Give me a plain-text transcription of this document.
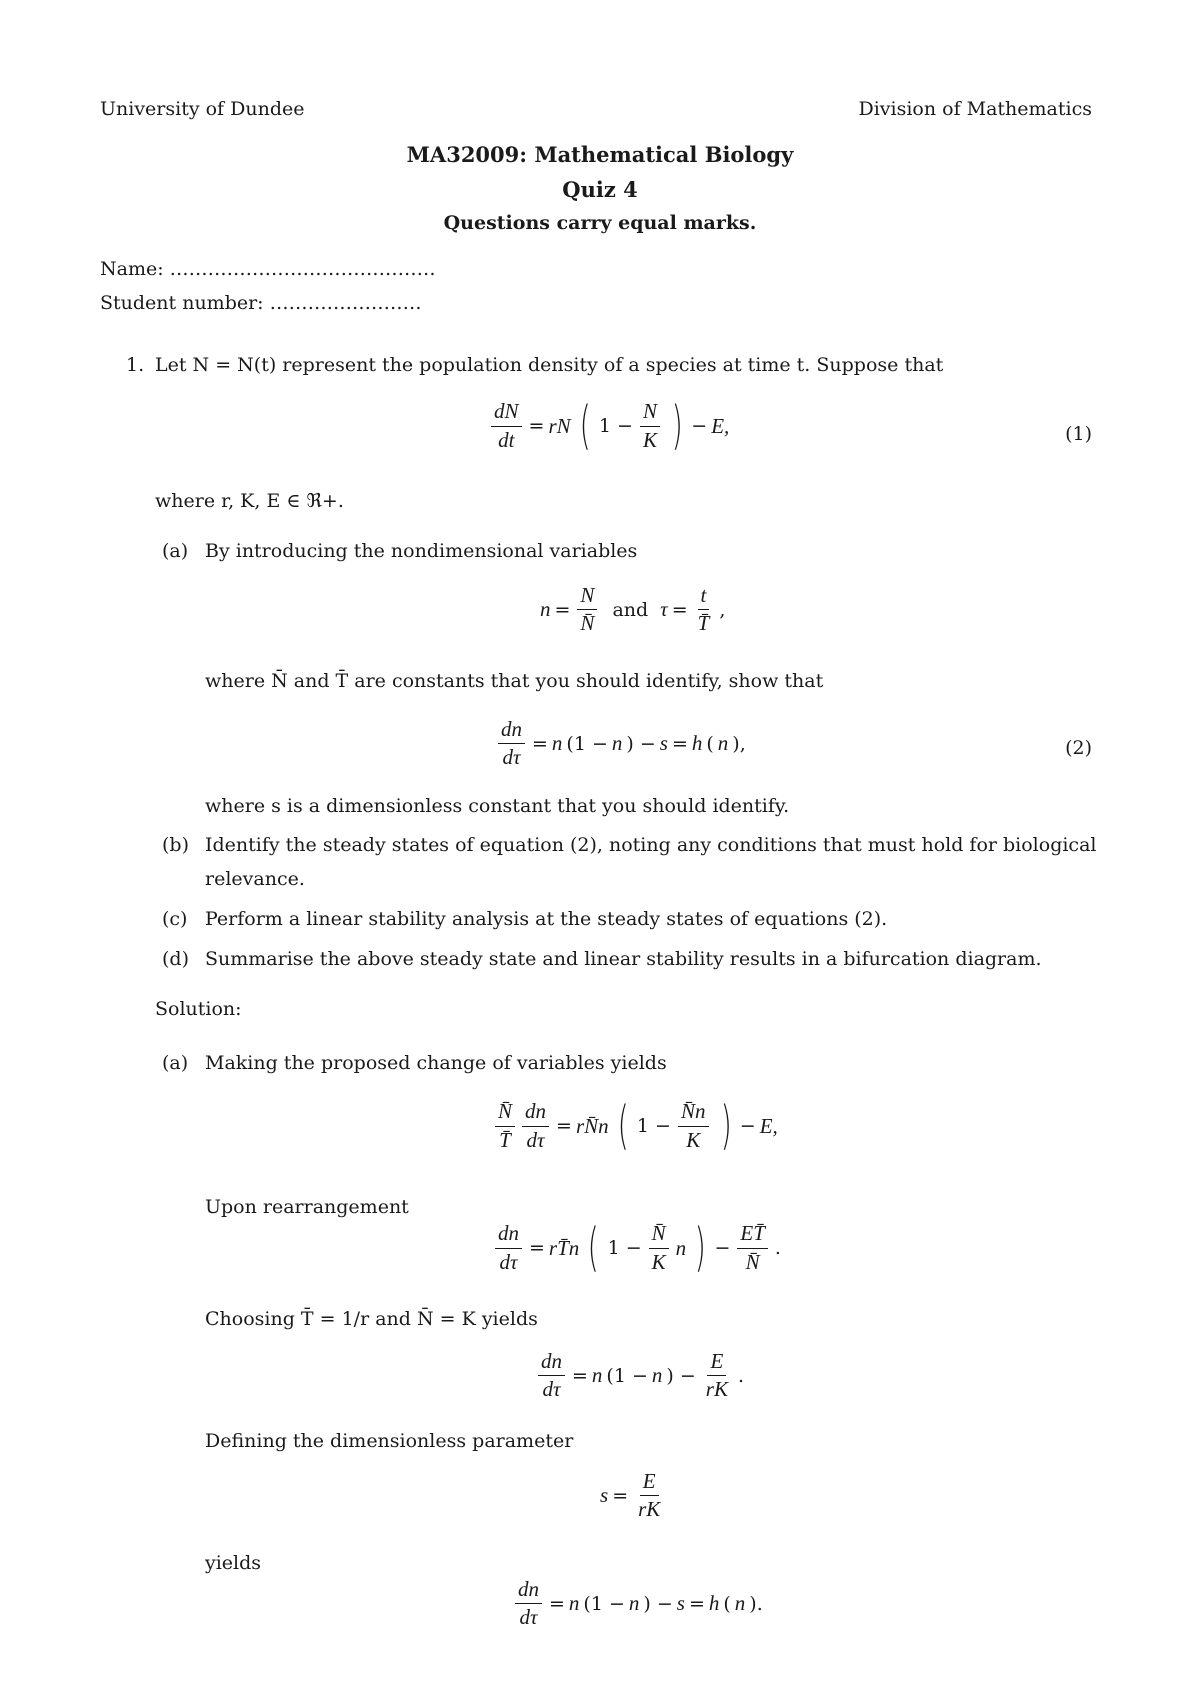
University of Dundee	Division of Mathematics
MA32009: Mathematical Biology
Quiz 4
Questions carry equal marks.
Name: ……………………………………
Student number: ……………………
1. Let N = N(t) represent the population density of a species at time t. Suppose that
$\frac{dN}{dt}$ = rN ( $1 - \frac{N}{K}$ ) − E,	(1)
where r, K, E ∈ ℜ+.
(a) By introducing the nondimensional variables
$n = \frac{N}{N̄}$ and $\tau = \frac{t}{T̄}$ ,
where N̄ and T̄ are constants that you should identify, show that
$\frac{dn}{d\tau} = n$ (1 − n ) − s = h ( n ),	(2)
where s is a dimensionless constant that you should identify.
(b) Identify the steady states of equation (2), noting any conditions that must hold for biological
relevance.
(c) Perform a linear stability analysis at the steady states of equations (2).
(d) Summarise the above steady state and linear stability results in a bifurcation diagram.
Solution:
(a) Making the proposed change of variables yields
$\frac{N̄}{T̄} \frac{dn}{d\tau}$ = rN̄n ( $1 - \frac{N̄n}{K}$ ) − E,
Upon rearrangement
$\frac{dn}{d\tau}$ = rT̄n ( $1 - \frac{N̄}{K}$ n ) − $\frac{ET̄}{N̄}$ .
Choosing T̄ = 1/r and N̄ = K yields
$\frac{dn}{d\tau} = n$ (1 − n ) − $\frac{E}{rK}$ .
Defining the dimensionless parameter
$s = \frac{E}{rK}$
yields
$\frac{dn}{d\tau} = n$ (1 − n ) − s = h ( n ).
